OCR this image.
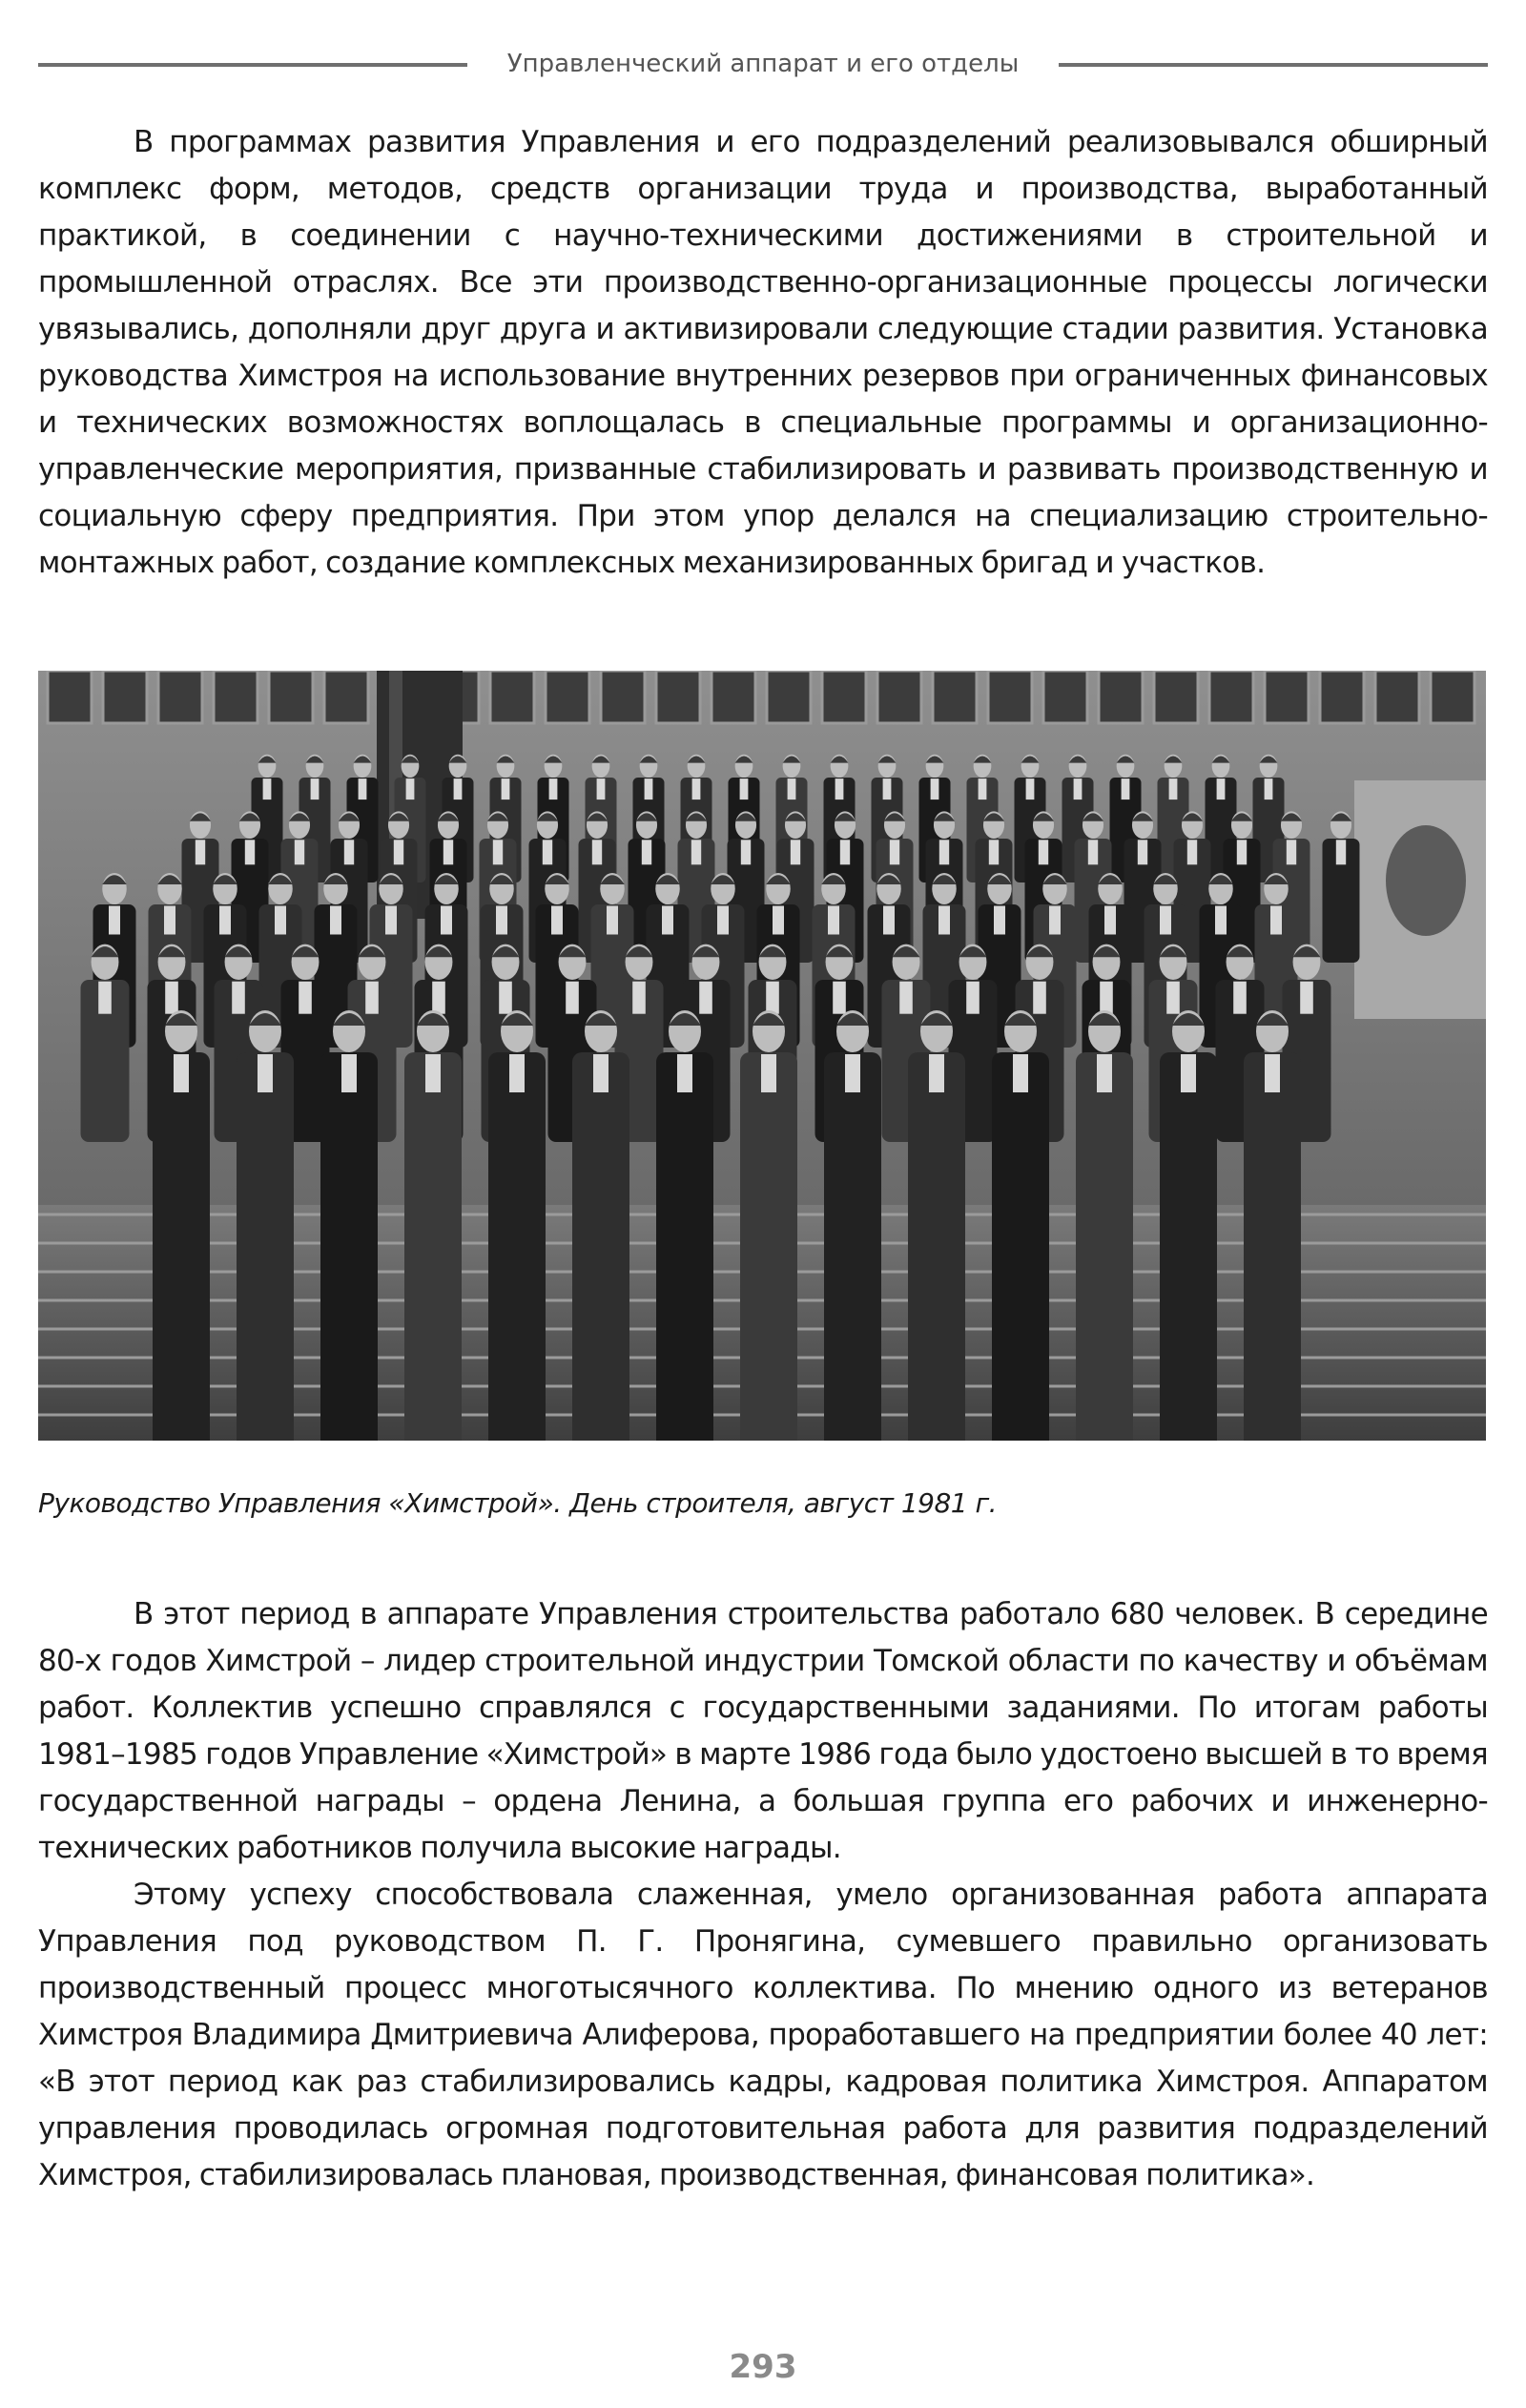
Управленческий аппарат и его отделы

В программах развития Управления и его подразделений реализовывался обширный комплекс форм, методов, средств организации труда и производства, выработанный практикой, в соединении с научно-техническими достижениями в строительной и промышленной отраслях. Все эти производственно-организационные процессы логически увязывались, дополняли друг друга и активизировали следующие стадии развития. Установка руководства Химстроя на использование внутренних резервов при ограниченных финансовых и технических возможностях воплощалась в специальные программы и организационно-управленческие мероприятия, призванные стабилизировать и развивать производственную и социальную сферу предприятия. При этом упор делался на специализацию строительно-монтажных работ, создание комплексных механизированных бригад и участков.

Руководство Управления «Химстрой». День строителя, август 1981 г.

В этот период в аппарате Управления строительства работало 680 человек. В середине 80-х годов Химстрой – лидер строительной индустрии Томской области по качеству и объёмам работ. Коллектив успешно справлялся с государственными заданиями. По итогам работы 1981–1985 годов Управление «Химстрой» в марте 1986 года было удостоено высшей в то время государственной награды – ордена Ленина, а большая группа его рабочих и инженерно-технических работников получила высокие награды.

Этому успеху способствовала слаженная, умело организованная работа аппарата Управления под руководством П. Г. Пронягина, сумевшего правильно организовать производственный процесс многотысячного коллектива. По мнению одного из ветеранов Химстроя Владимира Дмитриевича Алиферова, проработавшего на предприятии более 40 лет: «В этот период как раз стабилизировались кадры, кадровая политика Химстроя. Аппаратом управления проводилась огромная подготовительная работа для развития подразделений Химстроя, стабилизировалась плановая, производственная, финансовая политика».

293
